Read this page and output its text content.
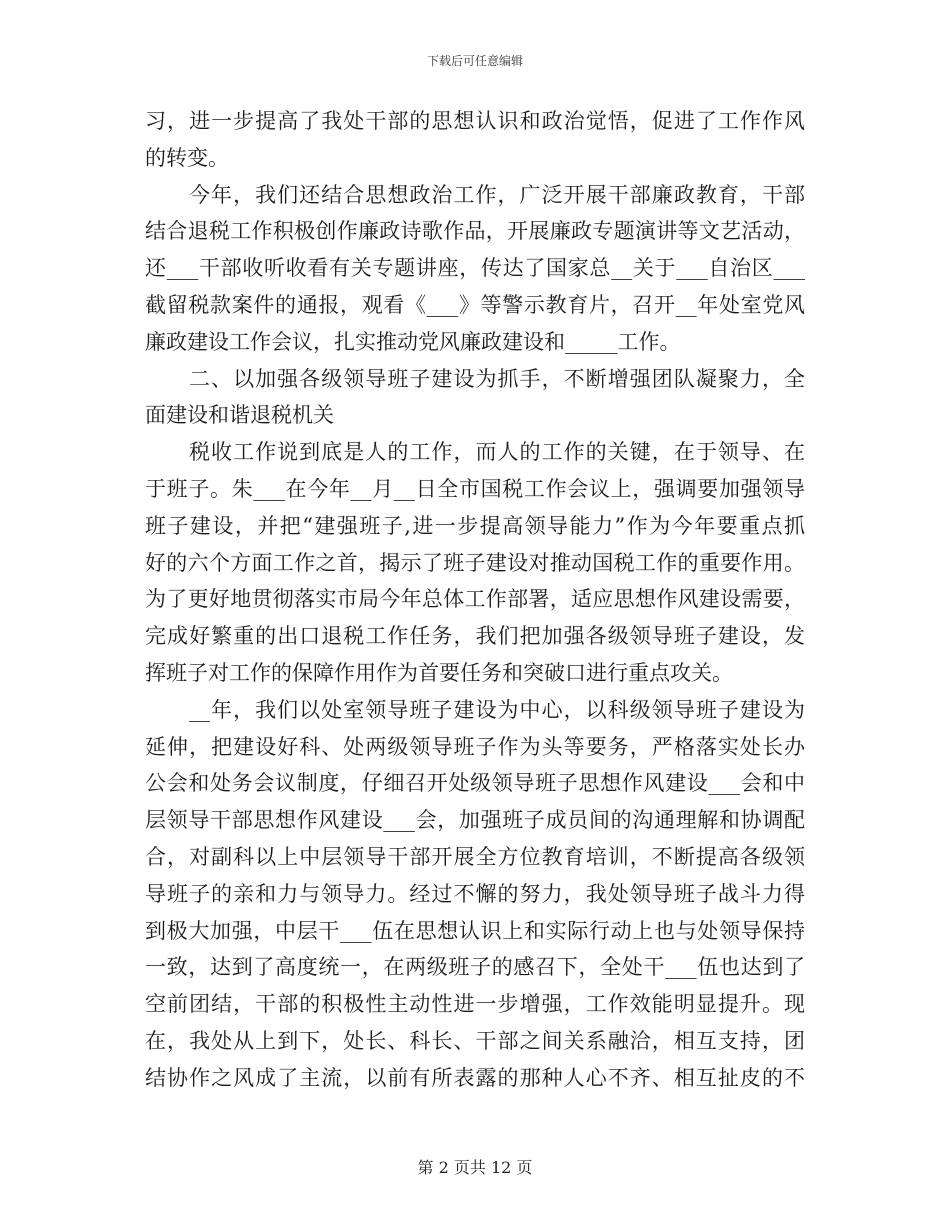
下载后可任意编辑
习，进一步提高了我处干部的思想认识和政治觉悟，促进了工作作风
的转变。
今年，我们还结合思想政治工作，广泛开展干部廉政教育，干部
结合退税工作积极创作廉政诗歌作品，开展廉政专题演讲等文艺活动，
还___干部收听收看有关专题讲座，传达了国家总__关于___自治区___
截留税款案件的通报，观看《___》等警示教育片，召开__年处室党风
廉政建设工作会议，扎实推动党风廉政建设和_____工作。
二、以加强各级领导班子建设为抓手，不断增强团队凝聚力，全
面建设和谐退税机关
税收工作说到底是人的工作，而人的工作的关键，在于领导、在
于班子。朱___在今年__月__日全市国税工作会议上，强调要加强领导
班子建设，并把“建强班子,进一步提高领导能力”作为今年要重点抓
好的六个方面工作之首，揭示了班子建设对推动国税工作的重要作用。
为了更好地贯彻落实市局今年总体工作部署，适应思想作风建设需要，
完成好繁重的出口退税工作任务，我们把加强各级领导班子建设，发
挥班子对工作的保障作用作为首要任务和突破口进行重点攻关。
__年，我们以处室领导班子建设为中心，以科级领导班子建设为
延伸，把建设好科、处两级领导班子作为头等要务，严格落实处长办
公会和处务会议制度，仔细召开处级领导班子思想作风建设___会和中
层领导干部思想作风建设___会，加强班子成员间的沟通理解和协调配
合，对副科以上中层领导干部开展全方位教育培训，不断提高各级领
导班子的亲和力与领导力。经过不懈的努力，我处领导班子战斗力得
到极大加强，中层干___伍在思想认识上和实际行动上也与处领导保持
一致，达到了高度统一，在两级班子的感召下，全处干___伍也达到了
空前团结，干部的积极性主动性进一步增强，工作效能明显提升。现
在，我处从上到下，处长、科长、干部之间关系融洽，相互支持，团
结协作之风成了主流，以前有所表露的那种人心不齐、相互扯皮的不
第 2 页共 12 页
